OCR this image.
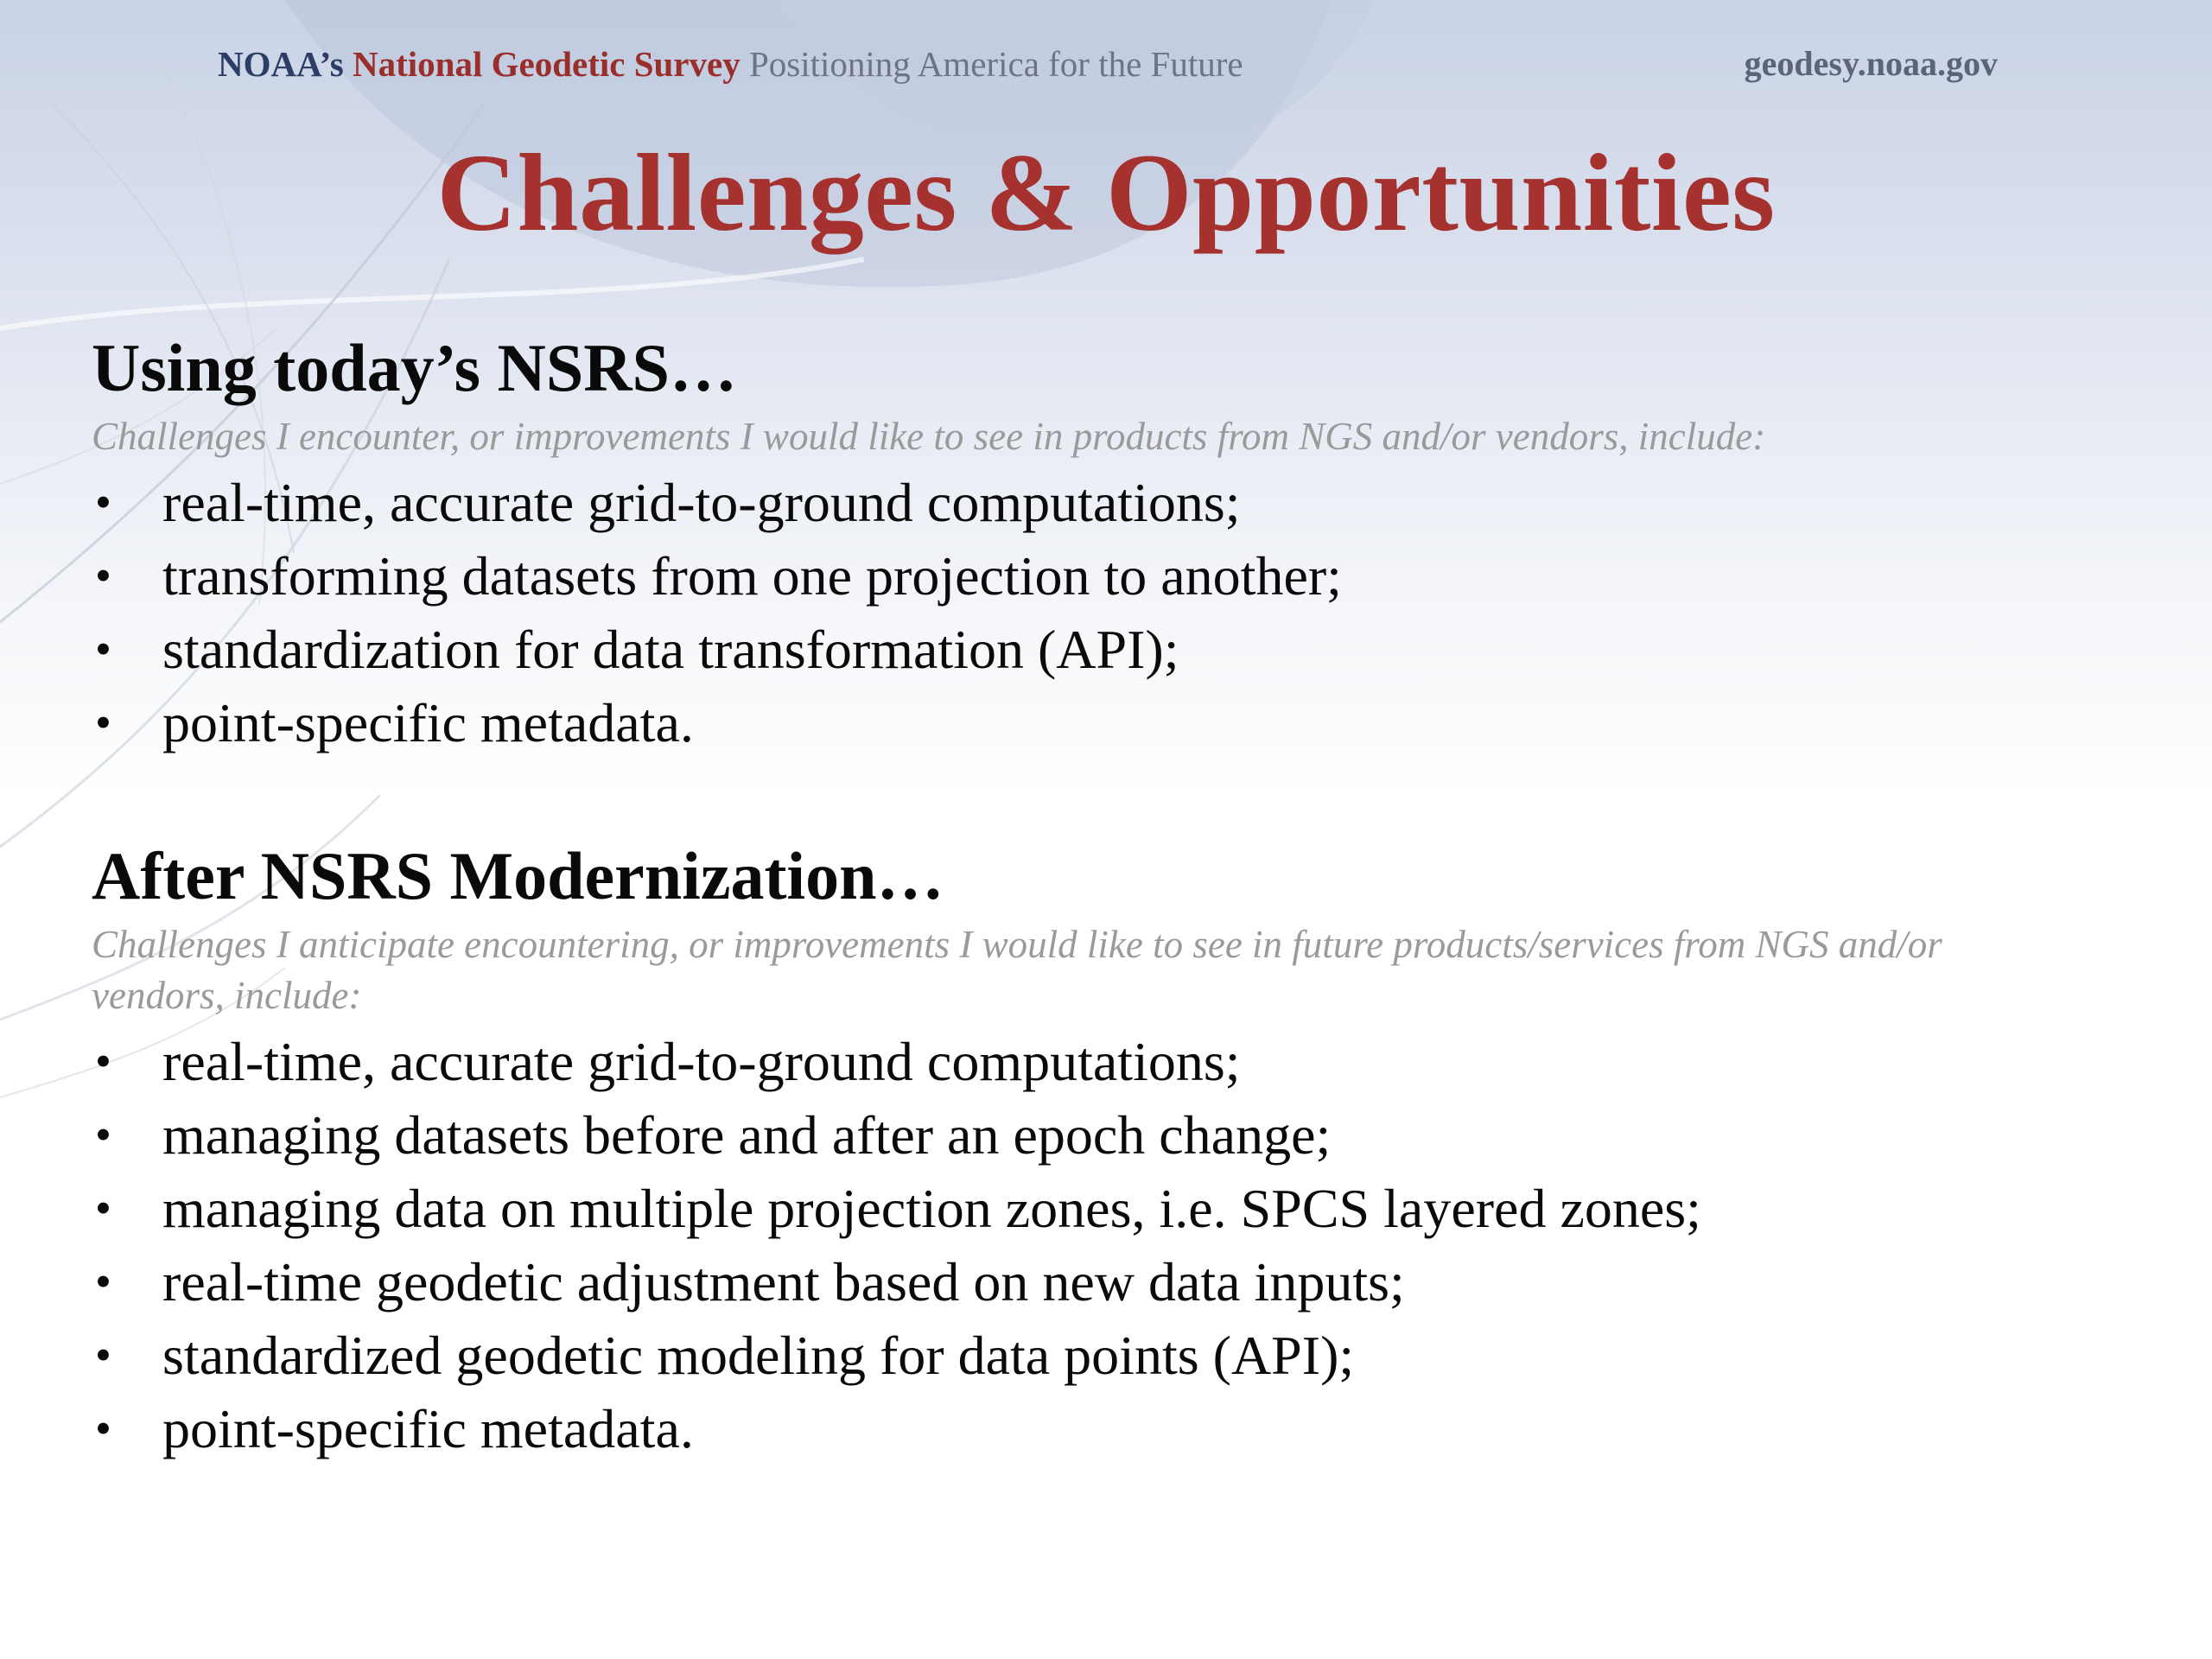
NOAA’s National Geodetic Survey Positioning America for the Future	geodesy.noaa.gov
Challenges & Opportunities
Using today’s NSRS…
Challenges I encounter, or improvements I would like to see in products from NGS and/or vendors, include:
• real-time, accurate grid-to-ground computations;
• transforming datasets from one projection to another;
• standardization for data transformation (API);
• point-specific metadata.
After NSRS Modernization…
Challenges I anticipate encountering, or improvements I would like to see in future products/services from NGS and/or vendors, include:
• real-time, accurate grid-to-ground computations;
• managing datasets before and after an epoch change;
• managing data on multiple projection zones, i.e. SPCS layered zones;
• real-time geodetic adjustment based on new data inputs;
• standardized geodetic modeling for data points (API);
• point-specific metadata.
